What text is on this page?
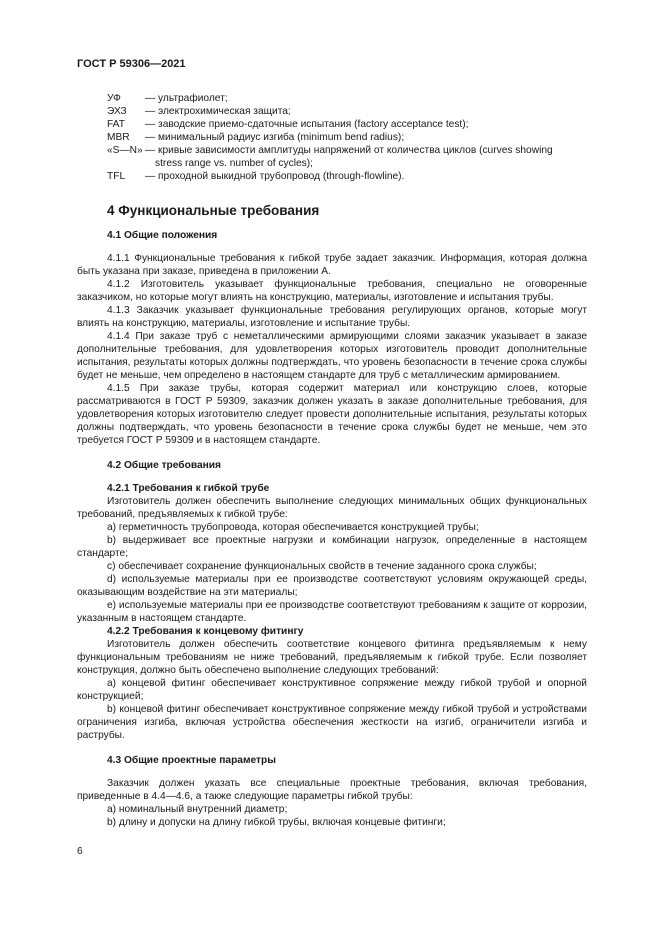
ГОСТ Р 59306—2021
УФ	— ультрафиолет;
ЭХЗ	— электрохимическая защита;
FAT	— заводские приемо-сдаточные испытания (factory acceptance test);
MBR	— минимальный радиус изгиба (minimum bend radius);
«S—N» — кривые зависимости амплитуды напряжений от количества циклов (curves showing stress range vs. number of cycles);
TFL	— проходной выкидной трубопровод (through-flowline).
4 Функциональные требования
4.1 Общие положения

4.1.1 Функциональные требования к гибкой трубе задает заказчик. Информация, которая должна быть указана при заказе, приведена в приложении А.

4.1.2 Изготовитель указывает функциональные требования, специально не оговоренные заказчиком, но которые могут влиять на конструкцию, материалы, изготовление и испытания трубы.

4.1.3 Заказчик указывает функциональные требования регулирующих органов, которые могут влиять на конструкцию, материалы, изготовление и испытание трубы.

4.1.4 При заказе труб с неметаллическими армирующими слоями заказчик указывает в заказе дополнительные требования, для удовлетворения которых изготовитель проводит дополнительные испытания, результаты которых должны подтверждать, что уровень безопасности в течение срока службы будет не меньше, чем определено в настоящем стандарте для труб с металлическим армированием.

4.1.5 При заказе трубы, которая содержит материал или конструкцию слоев, которые рассматриваются в ГОСТ Р 59309, заказчик должен указать в заказе дополнительные требования, для удовлетворения которых изготовителю следует провести дополнительные испытания, результаты которых должны подтверждать, что уровень безопасности в течение срока службы будет не меньше, чем это требуется ГОСТ Р 59309 и в настоящем стандарте.

4.2 Общие требования
4.2.1 Требования к гибкой трубе

Изготовитель должен обеспечить выполнение следующих минимальных общих функциональных требований, предъявляемых к гибкой трубе:

a) герметичность трубопровода, которая обеспечивается конструкцией трубы;

b) выдерживает все проектные нагрузки и комбинации нагрузок, определенные в настоящем стандарте;

c) обеспечивает сохранение функциональных свойств в течение заданного срока службы;

d) используемые материалы при ее производстве соответствуют условиям окружающей среды, оказывающим воздействие на эти материалы;

e) используемые материалы при ее производстве соответствуют требованиям к защите от коррозии, указанным в настоящем стандарте.

4.2.2 Требования к концевому фитингу

Изготовитель должен обеспечить соответствие концевого фитинга предъявляемым к нему функциональным требованиям не ниже требований, предъявляемым к гибкой трубе. Если позволяет конструкция, должно быть обеспечено выполнение следующих требований:

a) концевой фитинг обеспечивает конструктивное сопряжение между гибкой трубой и опорной конструкцией;

b) концевой фитинг обеспечивает конструктивное сопряжение между гибкой трубой и устройствами ограничения изгиба, включая устройства обеспечения жесткости на изгиб, ограничители изгиба и раструбы.

4.3 Общие проектные параметры

Заказчик должен указать все специальные проектные требования, включая требования, приведенные в 4.4—4.6, а также следующие параметры гибкой трубы:

a) номинальный внутренний диаметр;

b) длину и допуски на длину гибкой трубы, включая концевые фитинги;

6
